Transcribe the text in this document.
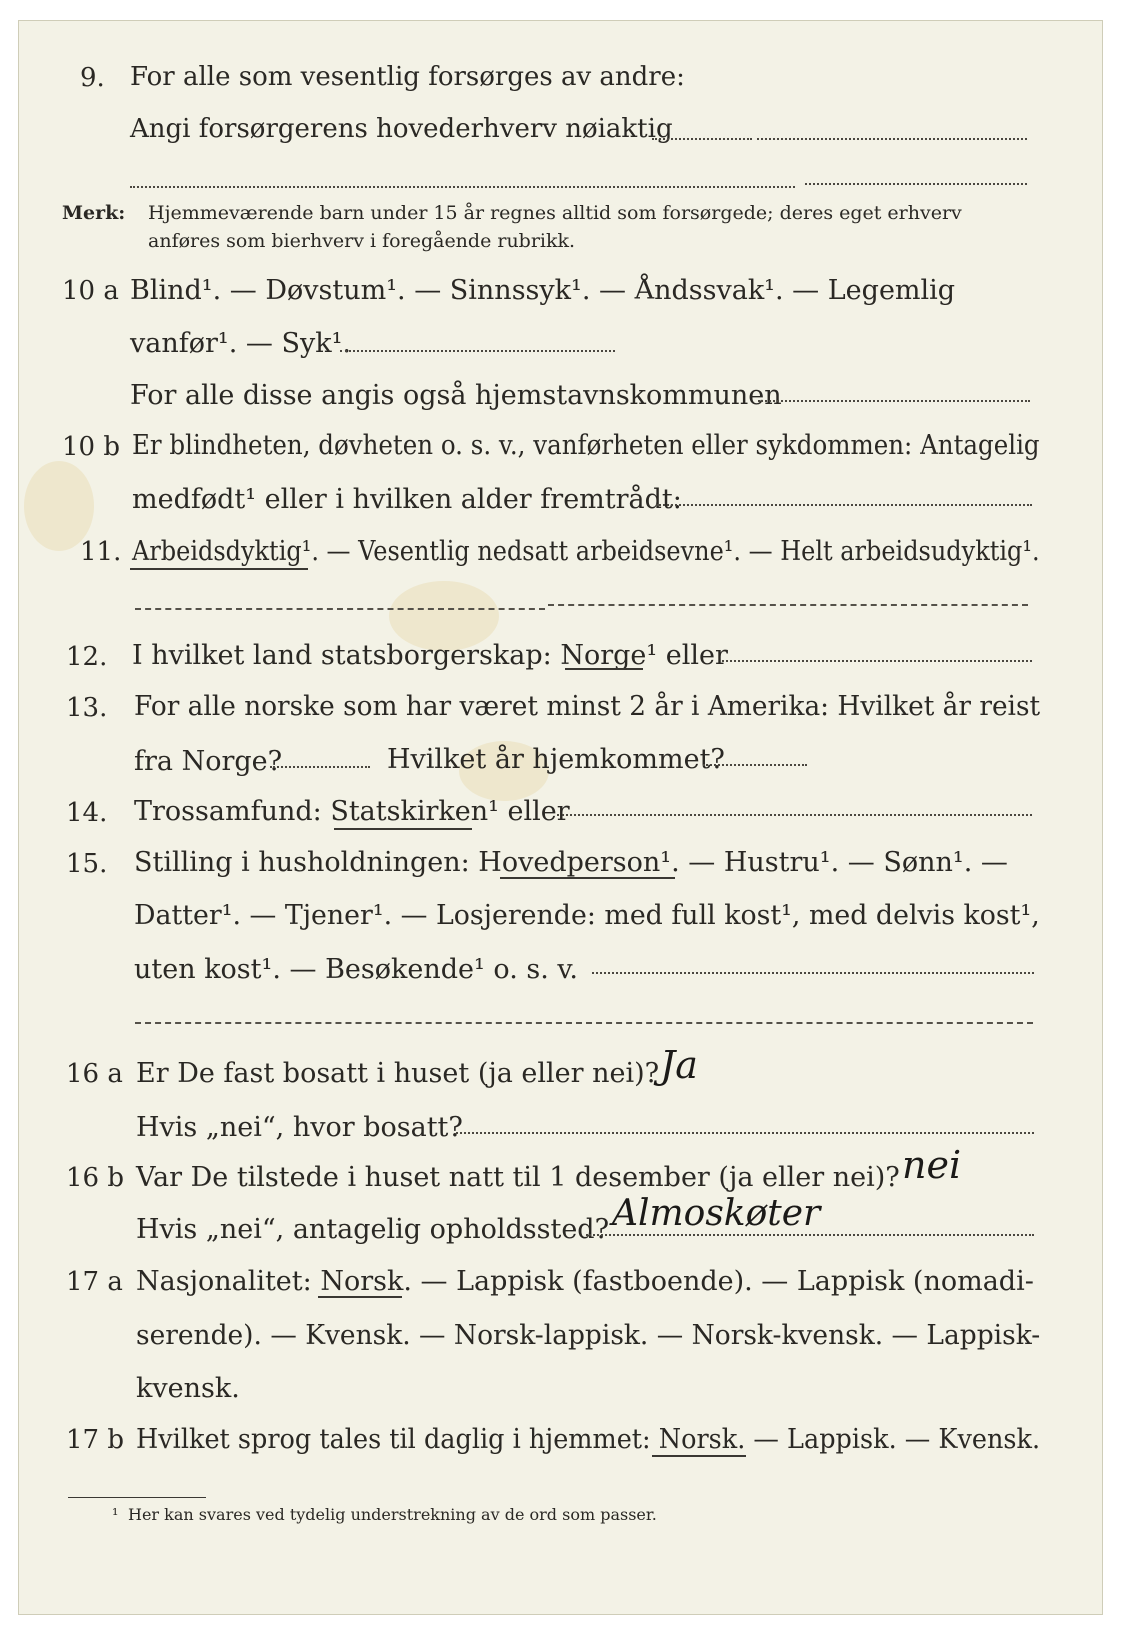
9. For alle som vesentlig forsørges av andre:
Angi forsørgerens hovederhverv nøiaktig
Merk: Hjemmeværende barn under 15 år regnes alltid som forsørgede; deres eget erhverv
anføres som bierhverv i foregående rubrikk.
10 a Blind¹. — Døvstum¹. — Sinnssyk¹. — Åndssvak¹. — Legemlig
vanfør¹. — Syk¹.
For alle disse angis også hjemstavnskommunen
10 b Er blindheten, døvheten o. s. v., vanførheten eller sykdommen: Antagelig
medfødt¹ eller i hvilken alder fremtrådt:
11. Arbeidsdyktig¹. — Vesentlig nedsatt arbeidsevne¹. — Helt arbeidsudyktig¹.
12. I hvilket land statsborgerskap: Norge¹ eller
13. For alle norske som har været minst 2 år i Amerika: Hvilket år reist
fra Norge?	Hvilket år hjemkommet?
14. Trossamfund: Statskirken¹ eller
15. Stilling i husholdningen: Hovedperson¹. — Hustru¹. — Sønn¹. —
Datter¹. — Tjener¹. — Losjerende: med full kost¹, med delvis kost¹,
uten kost¹. — Besøkende¹ o. s. v.
16 a Er De fast bosatt i huset (ja eller nei)? Ja
Hvis „nei“, hvor bosatt?
16 b Var De tilstede i huset natt til 1 desember (ja eller nei)? nei
Hvis „nei“, antagelig opholdssted? Almoskøter
17 a Nasjonalitet: Norsk. — Lappisk (fastboende). — Lappisk (nomadi-
serende). — Kvensk. — Norsk-lappisk. — Norsk-kvensk. — Lappisk-
kvensk.
17 b Hvilket sprog tales til daglig i hjemmet: Norsk. — Lappisk. — Kvensk.
¹ Her kan svares ved tydelig understrekning av de ord som passer.
